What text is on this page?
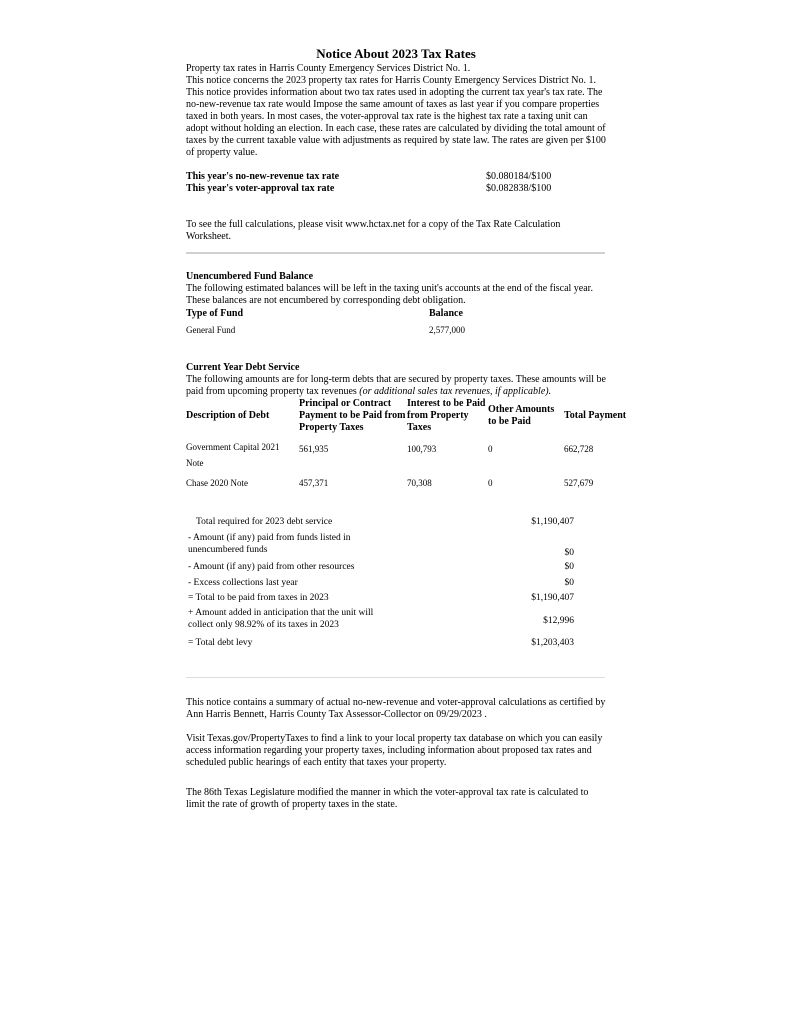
Notice About 2023 Tax Rates

Property tax rates in Harris County Emergency Services District No. 1.

This notice concerns the 2023 property tax rates for Harris County Emergency Services District No. 1. This notice provides information about two tax rates used in adopting the current tax year's tax rate. The no-new-revenue tax rate would Impose the same amount of taxes as last year if you compare properties taxed in both years. In most cases, the voter-approval tax rate is the highest tax rate a taxing unit can adopt without holding an election. In each case, these rates are calculated by dividing the total amount of taxes by the current taxable value with adjustments as required by state law. The rates are given per $100 of property value.

This year's no-new-revenue tax rate	$0.080184/$100
This year's voter-approval tax rate	$0.082838/$100

To see the full calculations, please visit www.hctax.net for a copy of the Tax Rate Calculation Worksheet.

Unencumbered Fund Balance

The following estimated balances will be left in the taxing unit's accounts at the end of the fiscal year. These balances are not encumbered by corresponding debt obligation.

Type of Fund	Balance
General Fund	2,577,000

Current Year Debt Service

The following amounts are for long-term debts that are secured by property taxes. These amounts will be paid from upcoming property tax revenues (or additional sales tax revenues, if applicable).

Description of Debt	Principal or Contract Payment to be Paid from Property Taxes	Interest to be Paid from Property Taxes	Other Amounts to be Paid	Total Payment
Government Capital 2021 Note	561,935	100,793	0	662,728
Chase 2020 Note	457,371	70,308	0	527,679
Total required for 2023 debt service	$1,190,407
- Amount (if any) paid from funds listed in unencumbered funds	$0
- Amount (if any) paid from other resources	$0
- Excess collections last year	$0
= Total to be paid from taxes in 2023	$1,190,407
+ Amount added in anticipation that the unit will collect only 98.92% of its taxes in 2023	$12,996
= Total debt levy	$1,203,403

This notice contains a summary of actual no-new-revenue and voter-approval calculations as certified by Ann Harris Bennett, Harris County Tax Assessor-Collector on 09/29/2023 .

Visit Texas.gov/PropertyTaxes to find a link to your local property tax database on which you can easily access information regarding your property taxes, including information about proposed tax rates and scheduled public hearings of each entity that taxes your property.

The 86th Texas Legislature modified the manner in which the voter-approval tax rate is calculated to limit the rate of growth of property taxes in the state.
